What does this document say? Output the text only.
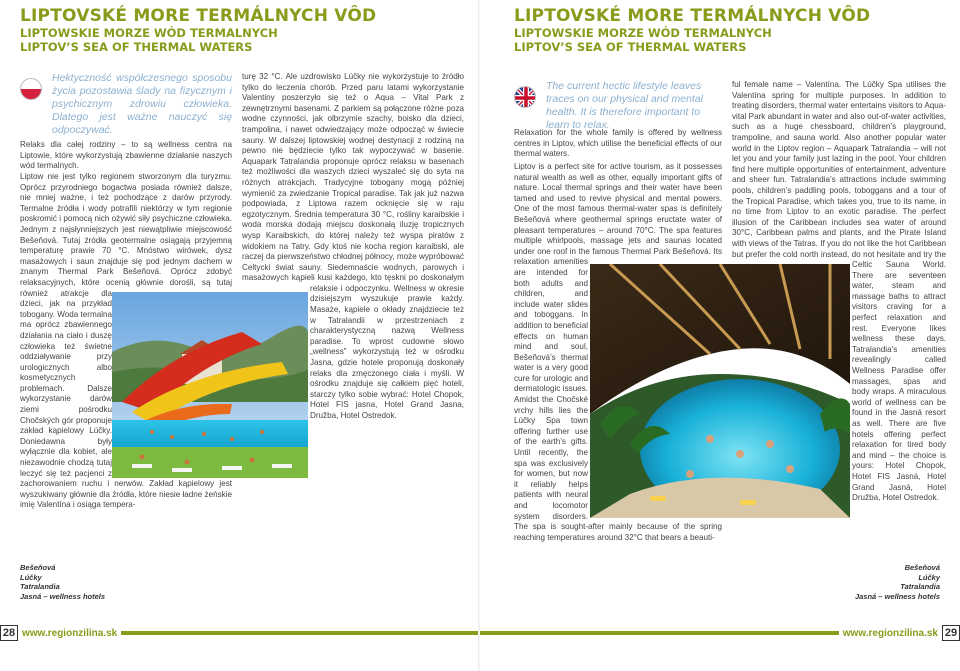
LIPTOVSKÉ MORE TERMÁLNYCH VÔD
LIPTOWSKIE MORZE WÓD TERMALNYCH
LIPTOV’S SEA OF THERMAL WATERS
Hektyczność współczesnego sposobu życia pozostawia ślady na fizycznym i psychicznym zdrowiu człowieka. Dlatego jest ważne nauczyć się odpoczywać.

Relaks dla całej rodziny – to są wellness centra na Liptowie, które wykorzystują zbawienne działanie naszych wód termalnych.

Liptow nie jest tylko regionem stworzonym dla turyzmu. Oprócz przyrodniego bogactwa posiada również dalsze, nie mniej ważne, i też pochodzące z darów przyrody. Termalne źródła i wody potrafili niektórzy w tym regionie poskromić i pomocą nich ożywić siły psychiczne człowieka. Jednym z najsłynniejszych jest niewątpliwie miejscowość Bešeňová. Tutaj źródła geotermalne osiągają przyjemną temperaturę prawie 70 °C. Mnóstwo wirówek, dysz masażowych i saun znajduje się pod jednym dachem w znanym Thermal Park Bešeňová. Oprócz zdobyć relaksacyjnych, które ocenią głównie dorośli, są tutaj również atrakcje dla dzieci, jak na przykład tobogany. Woda termalna ma oprócz zbawiennego działania na ciało i duszę człowieka też świetne oddziaływanie przy urologicznych albo kosmetycznych problemach. Dalsze wykorzystanie darów ziemi pośrodku Chočských gór proponuje zakład kąpielowy Lúčky. Doniedawna były wyłącznie dla kobiet, ale niezawodnie chodzą tutaj leczyć się też pacjenci z zachorowaniem ruchu i nerwów. Zakład kąpielowy jest wyszukiwany głównie dla źródła, które niesie ładne żeńskie imię Valentína i osiąga tempera-

turę 32 °C. Ale uzdrowisko Lúčky nie wykorzystuje to źródło tylko do leczenia chorób. Przed paru latami wykorzystanie Valentiny poszerzyło się też o Aqua – Vital Park z zewnętrznymi basenami. Z parkiem są połączone różne poza wodne czynności, jak olbrzymie szachy, boisko dla dzieci, trampolina, i nawet odwiedzający może odpocząć w świecie sauny. W dalszej liptowskiej wodnej destynacji z rodziną na pewno nie będziecie tylko tak wypoczywać w basenie. Aquapark Tatralandia proponuje oprócz relaksu w basenach też możliwości dla waszych dzieci wyszaleć się do syta na różnych atrakcjach. Tradycyjne tobogany mogą później wymienić za zwiedzanie Tropical paradise. Tak jak już nazwa podpowiada, z Liptowa razem ocknięcie się w raju egzotycznym. Średnia temperatura 30 °C, rośliny karaibskie i woda morska dodają miejscu doskonałą iluzję tropicznych wysp Karaibskich, do której należy też wyspa piratów z widokiem na Tatry. Gdy ktoś nie kocha region karaibski, ale raczej da pierwszeństwo chłodnej północy, może wypróbować Celtycki świat sauny. Siedemnaście wodnych, parowych i masażowych kąpieli kusi każdego, kto tęskni po doskonałym relaksie i odpoczynku. Wellness w okresie dzisiejszym wyszukuje prawie każdy. Masaże, kąpiele o okłady znajdziecie też w Tatralandii w przestrzeniach z charakterystyczną nazwą Wellness paradise. To wprost cudowne słowo „wellness” wykorzystują też w ośrodku Jasna, gdzie hotele proponują doskonały relaks dla zmęczonego ciała i myśli. W ośrodku znajduje się całkiem pięć hoteli, starczy tylko sobie wybrać: Hotel Chopok, Hotel FIS jasna, Hotel Grand Jasna, Družba, Hotel Ostredok.

Bešeňová
Lúčky
Tatralandia
Jasná – wellness hotels
28 www.regionzilina.sk
LIPTOVSKÉ MORE TERMÁLNYCH VÔD
LIPTOWSKIE MORZE WÓD TERMALNYCH
LIPTOV’S SEA OF THERMAL WATERS
The current hectic lifestyle leaves traces on our physical and mental health. It is therefore important to learn to relax.

Relaxation for the whole family is offered by wellness centres in Liptov, which utilise the beneficial effects of our thermal waters.

Liptov is a perfect site for active tourism, as it possesses natural wealth as well as other, equally important gifts of nature. Local thermal springs and their water have been tamed and used to revive physical and mental powers. One of the most famous thermal-water spas is definitely Bešeňová where geothermal springs eructate water of pleasant temperatures – around 70°C. The spa features multiple whirlpools, massage jets and saunas located under one roof in the famous Thermal Park Bešeňová. Its relaxation amenities are intended for both adults and children, and include water slides and toboggans. In addition to beneficial effects on human mind and soul, Bešeňová’s thermal water is a very good cure for urologic and dermatologic issues. Amidst the Chočské vrchy hills lies the Lúčky Spa town offering further use of the earth’s gifts. Until recently, the spa was exclusively for women, but now it reliably helps patients with neural and locomotor system disorders. The spa is sought-after mainly because of the spring reaching temperatures around 32°C that bears a beauti-

ful female name – Valentína. The Lúčky Spa utilises the Valentína spring for multiple purposes. In addition to treating disorders, thermal water entertains visitors to Aqua-vital Park abundant in water and also out-of-water activities, such as a huge chessboard, children’s playground, trampoline, and sauna world. Also another popular water world in the Liptov region – Aquapark Tatralandia – will not let you and your family just lazing in the pool. Your children find here multiple opportunities of entertainment, adventure and sheer fun. Tatralandia’s attractions include swimming pools, children’s paddling pools, toboggans and a tour of the Tropical Paradise, which takes you, true to its name, in no time from Liptov to an exotic paradise. The perfect illusion of the Caribbean includes sea water of around 30°C, Caribbean palms and plants, and the Pirate Island with views of the Tatras. If you do not like the hot Caribbean but prefer the cold north instead, do not hesitate and try the Celtic Sauna World. There are seventeen water, steam and massage baths to attract visitors craving for a perfect relaxation and rest. Everyone likes wellness these days. Tatralandia’s amenities revealingly called Wellness Paradise offer massages, spas and body wraps. A miraculous world of wellness can be found in the Jasná resort as well. There are five hotels offering perfect relaxation for tired body and mind – the choice is yours: Hotel Chopok, Hotel FIS Jasná, Hotel Grand Jasná, Hotel Družba, Hotel Ostredok.

Bešeňová
Lúčky
Tatralandia
Jasná – wellness hotels
www.regionzilina.sk 29
